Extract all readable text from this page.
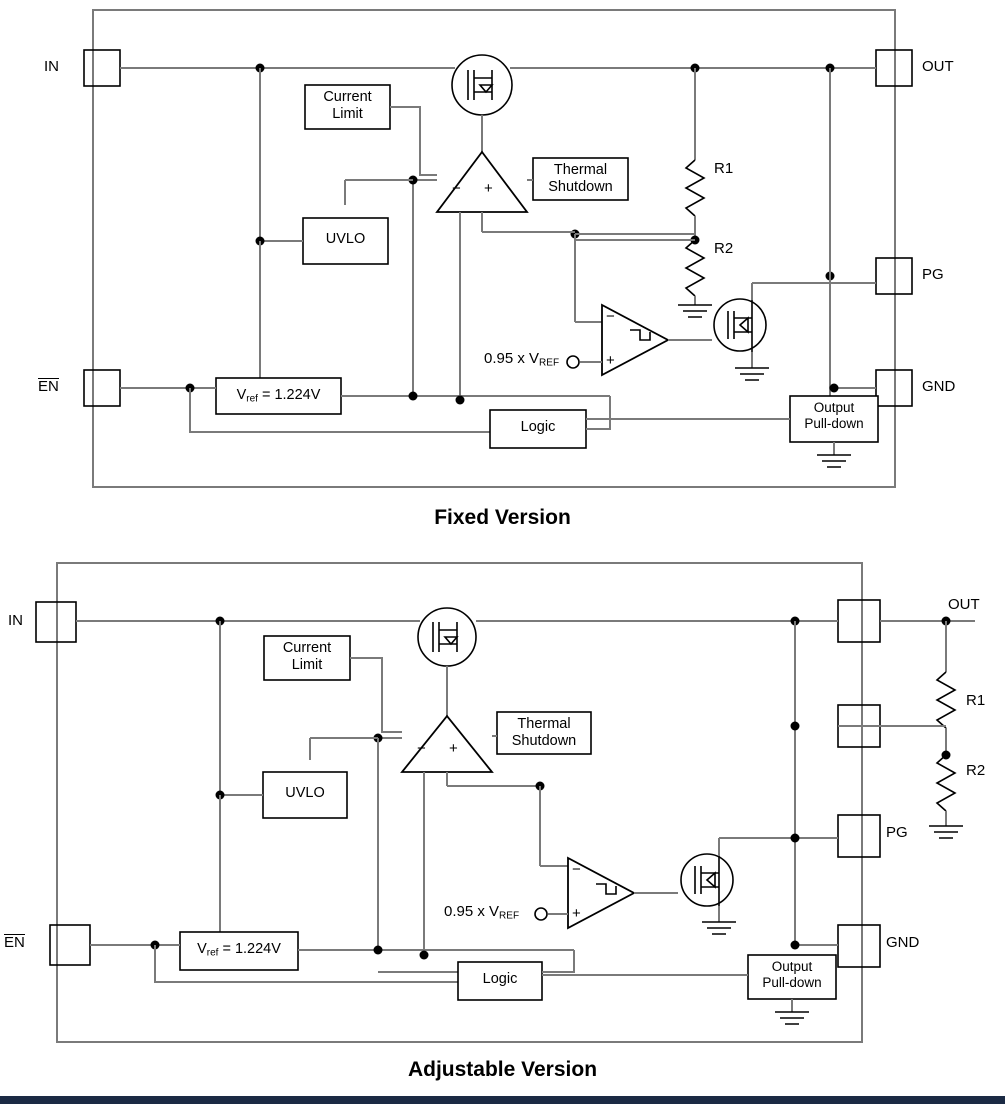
IN
EN
OUT
PG
GND
Current
Limit
UVLO
Thermal
Shutdown
$V_{ref} = 1.224V$
Logic
Output
Pull-down
R1
R2
0.95 x $V_{REF}$
−
+
− +
Fixed Version
IN
EN
OUT
PG
GND
Current
Limit
UVLO
Thermal
Shutdown
$V_{ref} = 1.224V$
Logic
Output
Pull-down
R1
R2
0.95 x $V_{REF}$
−
+
− +
Adjustable Version
